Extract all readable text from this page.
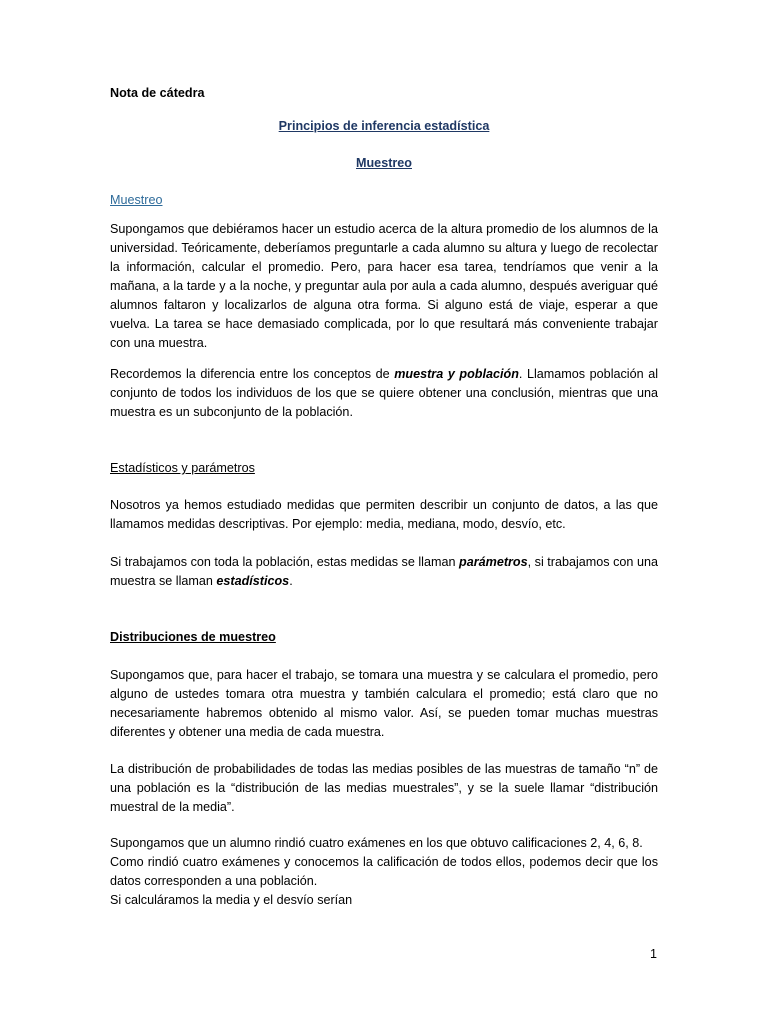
Nota de cátedra

Principios de inferencia estadística

Muestreo

Muestreo

Supongamos que debiéramos hacer un estudio acerca de la altura promedio de los alumnos de la universidad. Teóricamente, deberíamos preguntarle a cada alumno su altura y luego de recolectar la información, calcular el promedio. Pero, para hacer esa tarea, tendríamos que venir a la mañana, a la tarde y a la noche, y preguntar aula por aula a cada alumno, después averiguar qué alumnos faltaron y localizarlos de alguna otra forma. Si alguno está de viaje, esperar a que vuelva. La tarea se hace demasiado complicada, por lo que resultará más conveniente trabajar con una muestra.

Recordemos la diferencia entre los conceptos de muestra y población. Llamamos población al conjunto de todos los individuos de los que se quiere obtener una conclusión, mientras que una muestra es un subconjunto de la población.

Estadísticos y parámetros

Nosotros ya hemos estudiado medidas que permiten describir un conjunto de datos, a las que llamamos medidas descriptivas. Por ejemplo: media, mediana, modo, desvío, etc.

Si trabajamos con toda la población, estas medidas se llaman parámetros, si trabajamos con una muestra se llaman estadísticos.

Distribuciones de muestreo

Supongamos que, para hacer el trabajo, se tomara una muestra y se calculara el promedio, pero alguno de ustedes tomara otra muestra y también calculara el promedio; está claro que no necesariamente habremos obtenido al mismo valor. Así, se pueden tomar muchas muestras diferentes y obtener una media de cada muestra.

La distribución de probabilidades de todas las medias posibles de las muestras de tamaño “n” de una población es la “distribución de las medias muestrales”, y se la suele llamar “distribución muestral de la media”.

Supongamos que un alumno rindió cuatro exámenes en los que obtuvo calificaciones 2, 4, 6, 8.
Como rindió cuatro exámenes y conocemos la calificación de todos ellos, podemos decir que los datos corresponden a una población.
Si calculáramos la media y el desvío serían
1
